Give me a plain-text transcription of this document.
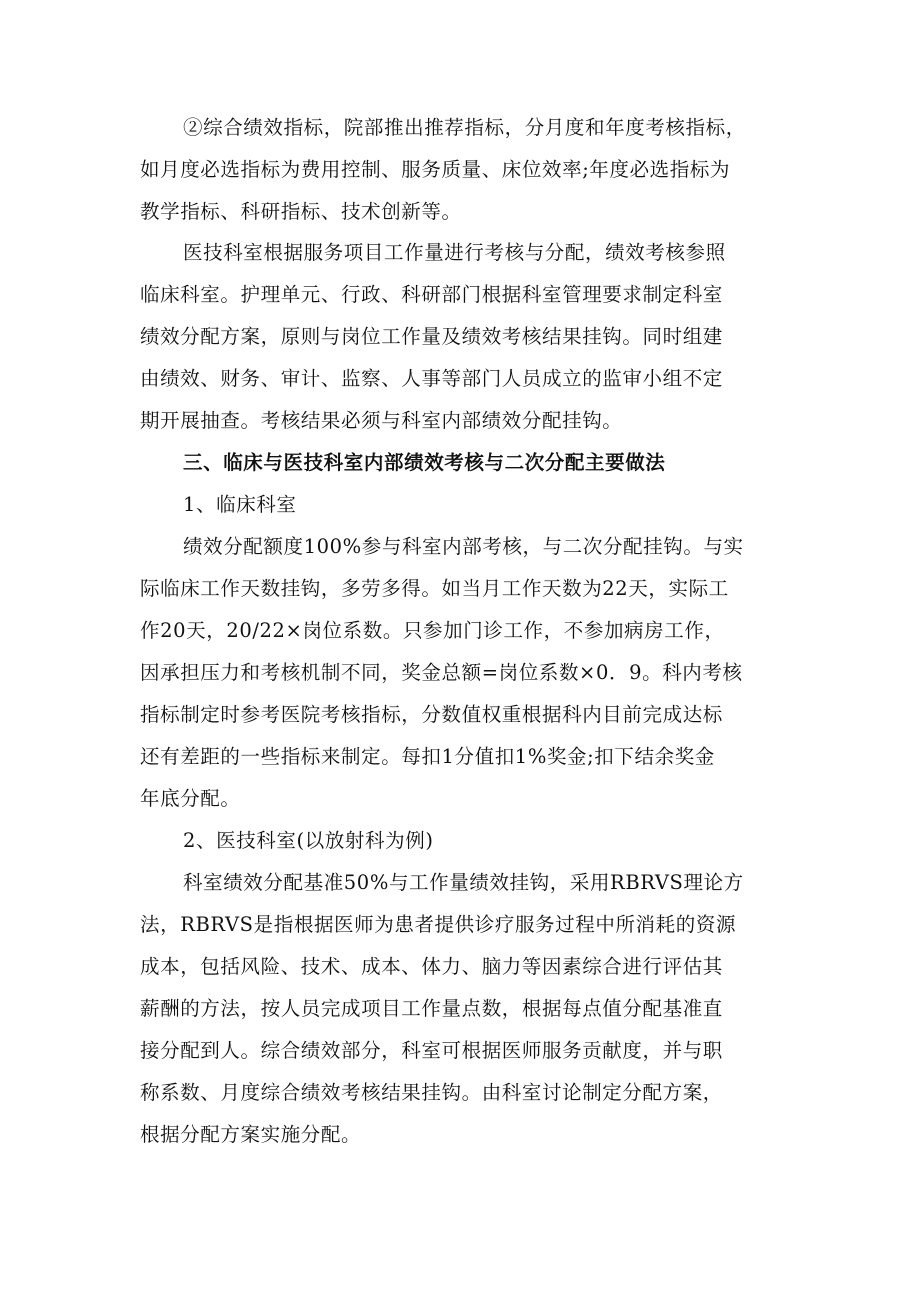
②综合绩效指标，院部推出推荐指标，分月度和年度考核指标，
如月度必选指标为费用控制、服务质量、床位效率;年度必选指标为
教学指标、科研指标、技术创新等。
医技科室根据服务项目工作量进行考核与分配，绩效考核参照
临床科室。护理单元、行政、科研部门根据科室管理要求制定科室
绩效分配方案，原则与岗位工作量及绩效考核结果挂钩。同时组建
由绩效、财务、审计、监察、人事等部门人员成立的监审小组不定
期开展抽查。考核结果必须与科室内部绩效分配挂钩。
三、临床与医技科室内部绩效考核与二次分配主要做法
1、临床科室
绩效分配额度100%参与科室内部考核，与二次分配挂钩。与实
际临床工作天数挂钩，多劳多得。如当月工作天数为22天，实际工
作20天，20/22×岗位系数。只参加门诊工作，不参加病房工作，
因承担压力和考核机制不同，奖金总额=岗位系数×0．9。科内考核
指标制定时参考医院考核指标，分数值权重根据科内目前完成达标
还有差距的一些指标来制定。每扣1分值扣1%奖金;扣下结余奖金
年底分配。
2、医技科室(以放射科为例)
科室绩效分配基准50%与工作量绩效挂钩，采用RBRVS理论方
法，RBRVS是指根据医师为患者提供诊疗服务过程中所消耗的资源
成本，包括风险、技术、成本、体力、脑力等因素综合进行评估其
薪酬的方法，按人员完成项目工作量点数，根据每点值分配基准直
接分配到人。综合绩效部分，科室可根据医师服务贡献度，并与职
称系数、月度综合绩效考核结果挂钩。由科室讨论制定分配方案，
根据分配方案实施分配。
